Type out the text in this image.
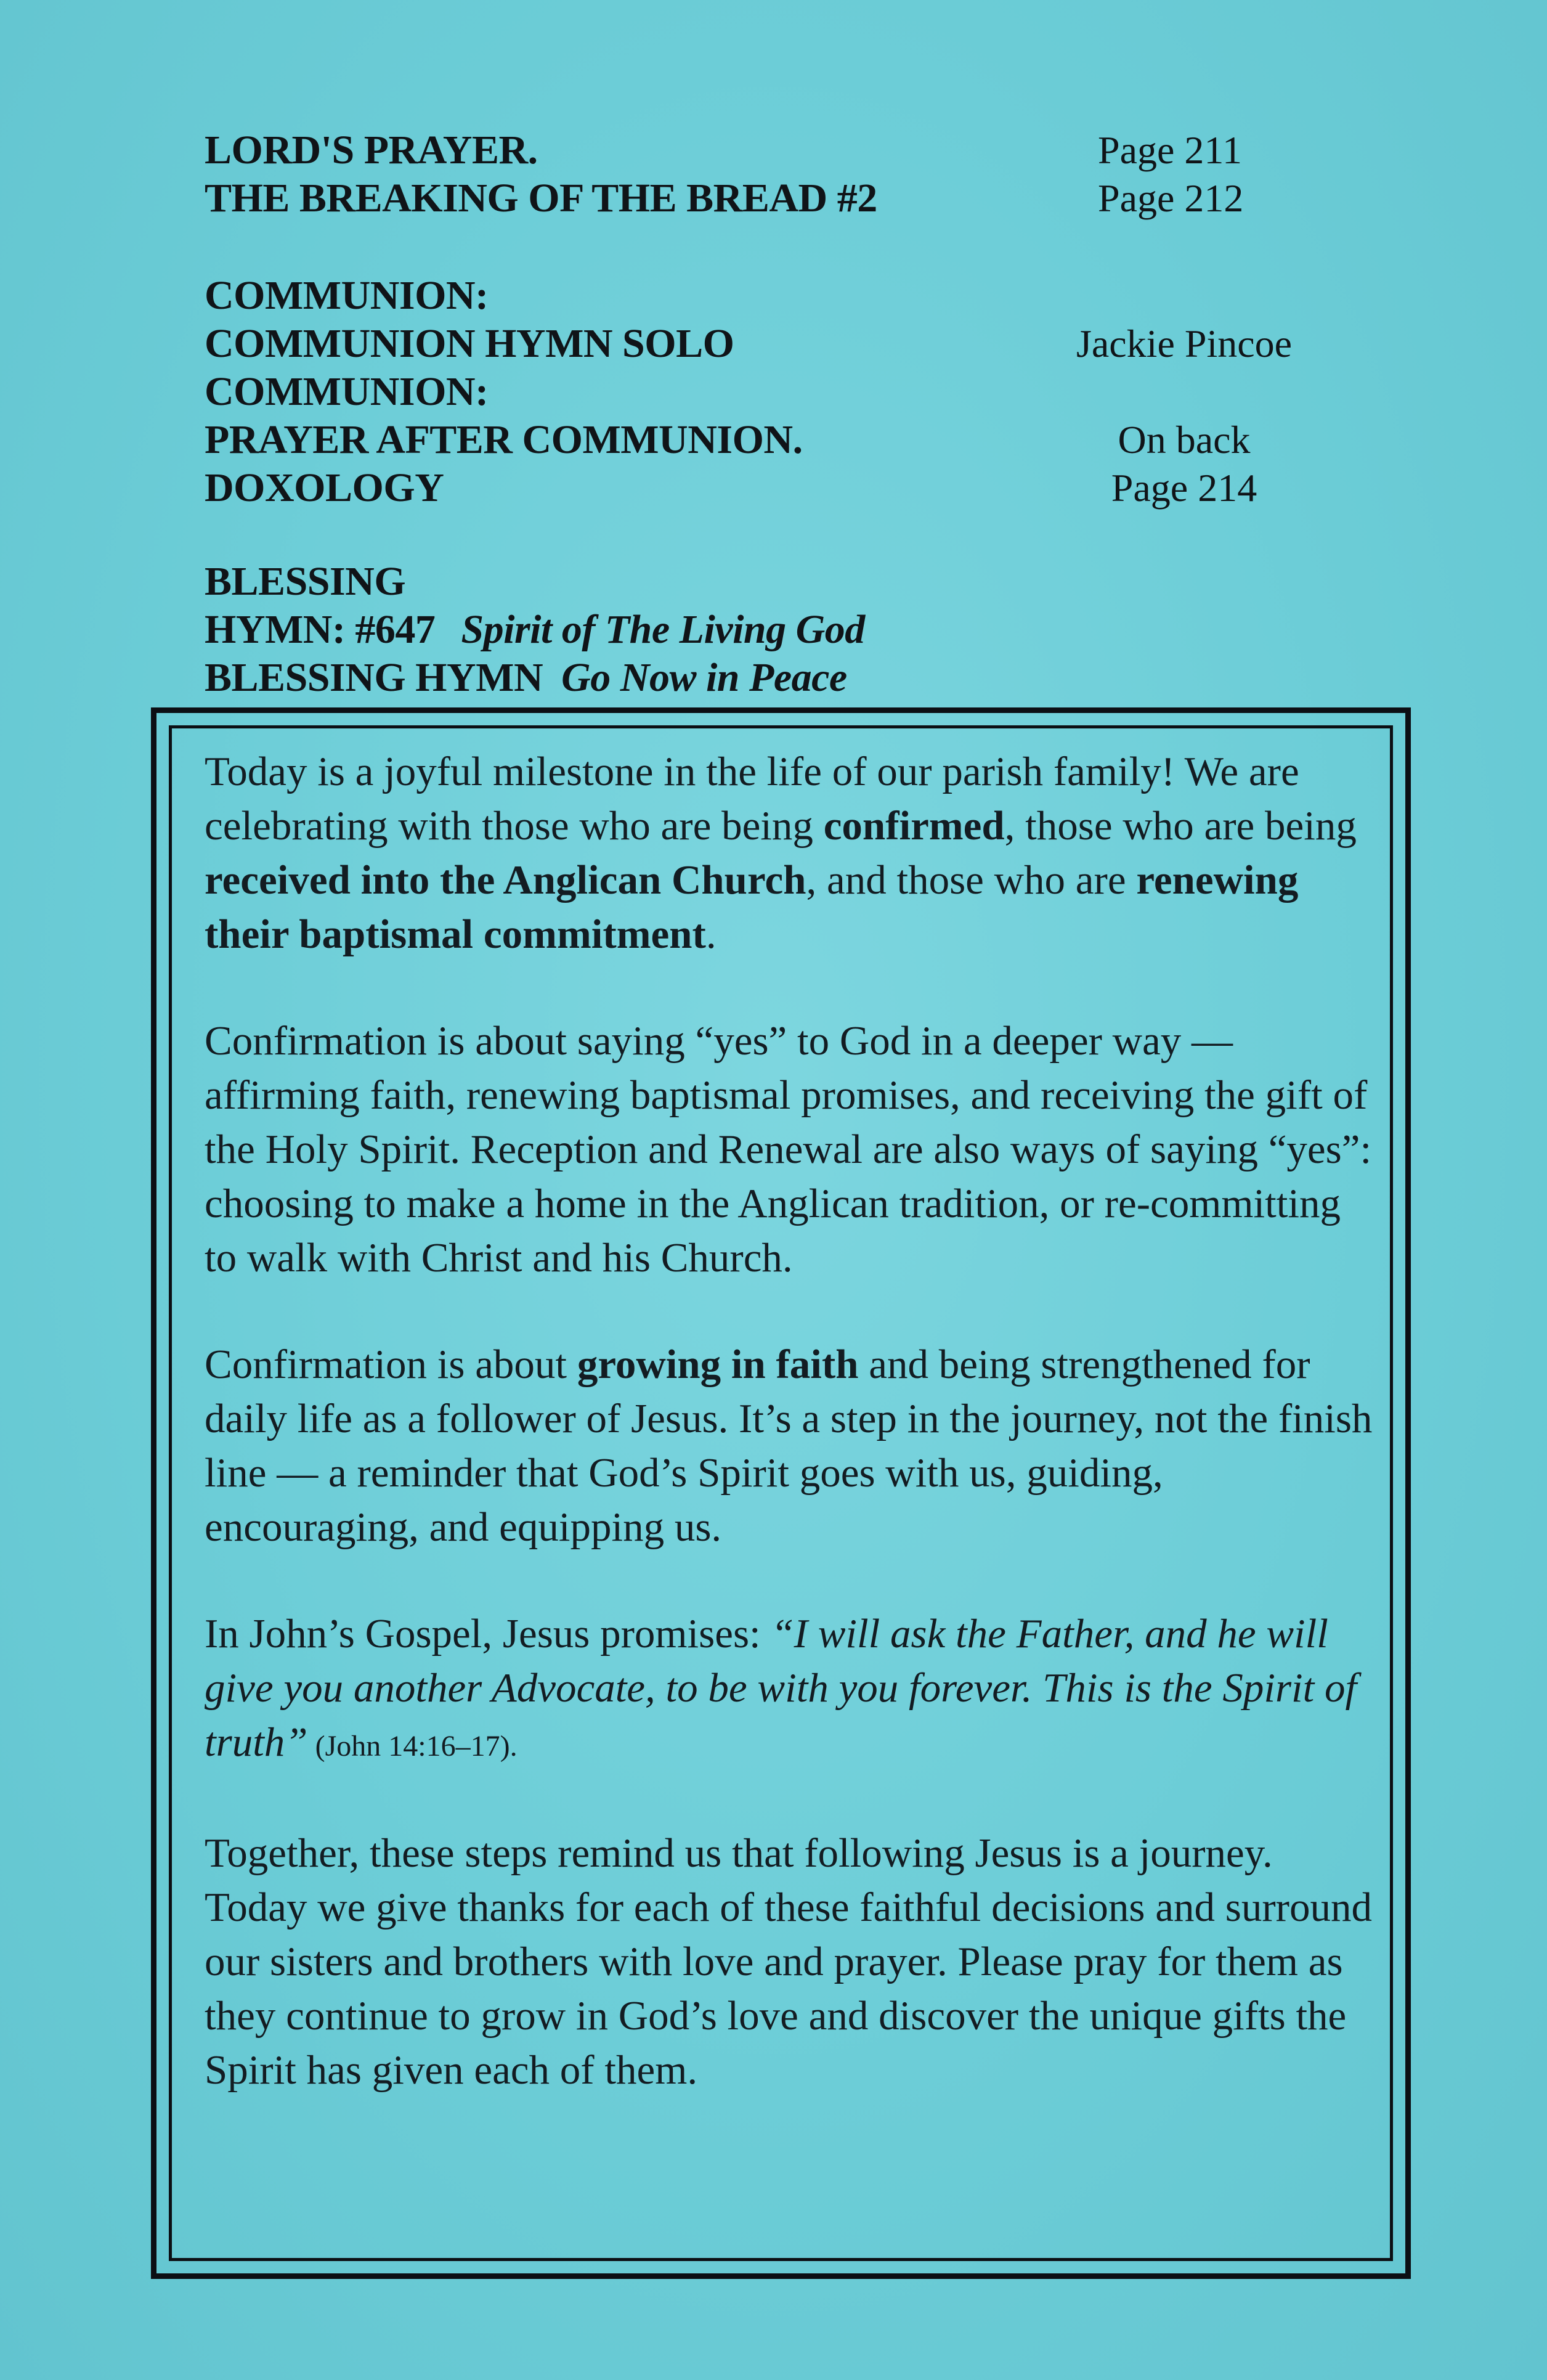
LORD'S PRAYER.	Page 211
THE BREAKING OF THE BREAD #2	Page 212
COMMUNION:
COMMUNION HYMN SOLO	Jackie Pincoe
COMMUNION:
PRAYER AFTER COMMUNION.	On back
DOXOLOGY	Page 214
BLESSING
HYMN: #647 Spirit of The Living God
BLESSING HYMN Go Now in Peace

Today is a joyful milestone in the life of our parish family! We are celebrating with those who are being confirmed, those who are being received into the Anglican Church, and those who are renewing their baptismal commitment.

Confirmation is about saying “yes” to God in a deeper way — affirming faith, renewing baptismal promises, and receiving the gift of the Holy Spirit. Reception and Renewal are also ways of saying “yes”: choosing to make a home in the Anglican tradition, or re-committing to walk with Christ and his Church.

Confirmation is about growing in faith and being strengthened for daily life as a follower of Jesus. It’s a step in the journey, not the finish line — a reminder that God’s Spirit goes with us, guiding, encouraging, and equipping us.

In John’s Gospel, Jesus promises: “I will ask the Father, and he will give you another Advocate, to be with you forever. This is the Spirit of truth” (John 14:16–17).

Together, these steps remind us that following Jesus is a journey. Today we give thanks for each of these faithful decisions and surround our sisters and brothers with love and prayer. Please pray for them as they continue to grow in God’s love and discover the unique gifts the Spirit has given each of them.
